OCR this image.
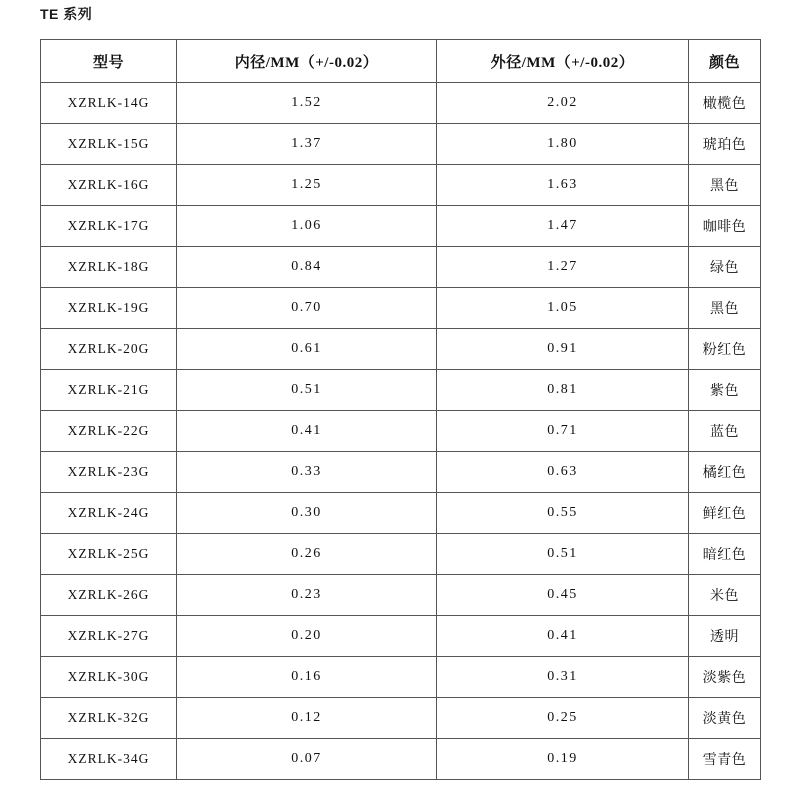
TE 系列
型号	内径/MM（+/-0.02）	外径/MM（+/-0.02）	颜色
XZRLK-14G	1.52	2.02	橄榄色
XZRLK-15G	1.37	1.80	琥珀色
XZRLK-16G	1.25	1.63	黑色
XZRLK-17G	1.06	1.47	咖啡色
XZRLK-18G	0.84	1.27	绿色
XZRLK-19G	0.70	1.05	黑色
XZRLK-20G	0.61	0.91	粉红色
XZRLK-21G	0.51	0.81	紫色
XZRLK-22G	0.41	0.71	蓝色
XZRLK-23G	0.33	0.63	橘红色
XZRLK-24G	0.30	0.55	鲜红色
XZRLK-25G	0.26	0.51	暗红色
XZRLK-26G	0.23	0.45	米色
XZRLK-27G	0.20	0.41	透明
XZRLK-30G	0.16	0.31	淡紫色
XZRLK-32G	0.12	0.25	淡黄色
XZRLK-34G	0.07	0.19	雪青色
